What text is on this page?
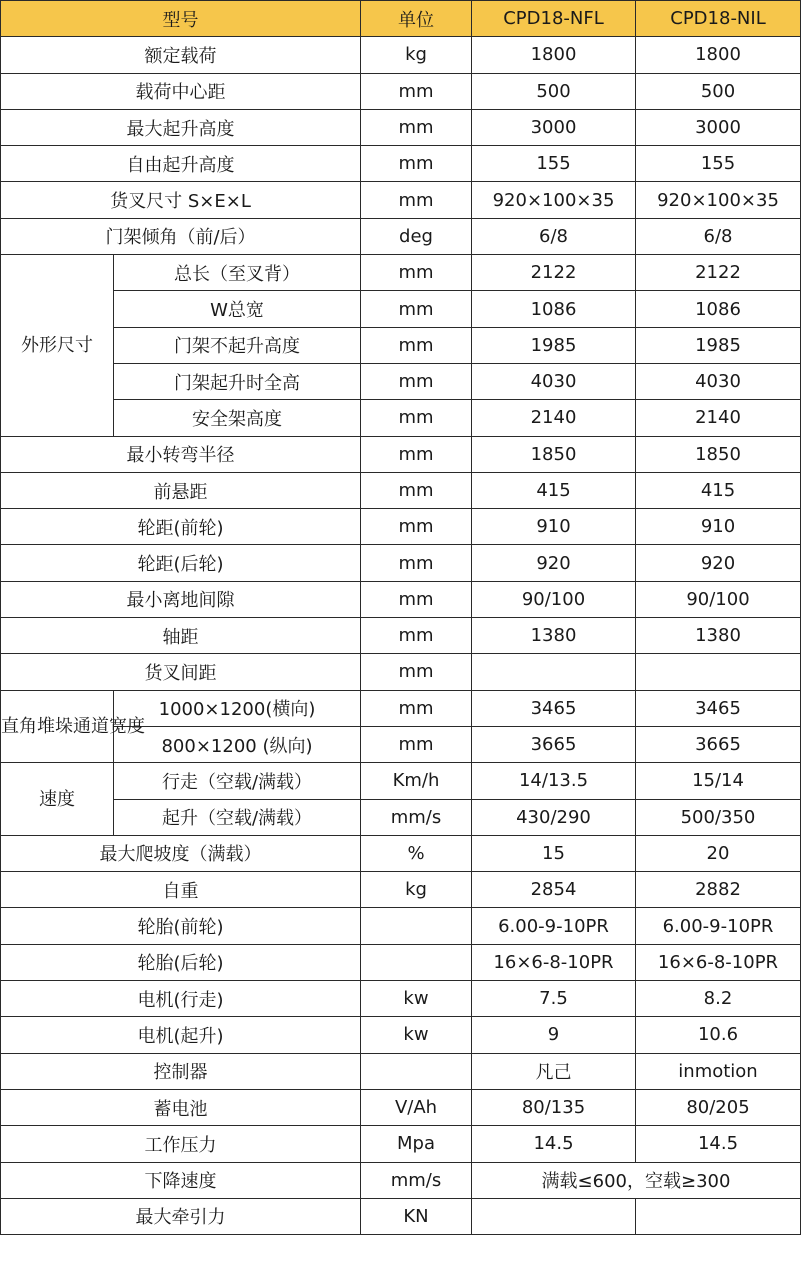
型号		单位	CPD18-NFL	CPD18-NIL
额定载荷		kg	1800	1800
载荷中心距		mm	500	500
最大起升高度		mm	3000	3000
自由起升高度		mm	155	155
货叉尺寸 S×E×L		mm	920×100×35	920×100×35
门架倾角（前/后）		deg	6/8	6/8
外形尺寸	总长（至叉背）	mm	2122	2122
	W总宽	mm	1086	1086
	门架不起升高度	mm	1985	1985
	门架起升时全高	mm	4030	4030
	安全架高度	mm	2140	2140
最小转弯半径		mm	1850	1850
前悬距		mm	415	415
轮距(前轮)		mm	910	910
轮距(后轮)		mm	920	920
最小离地间隙		mm	90/100	90/100
轴距		mm	1380	1380
货叉间距		mm		
直角堆垛通道宽度	1000×1200(横向)	mm	3465	3465
	800×1200 (纵向)	mm	3665	3665
速度	行走（空载/满载）	Km/h	14/13.5	15/14
	起升（空载/满载）	mm/s	430/290	500/350
最大爬坡度（满载）		%	15	20
自重		kg	2854	2882
轮胎(前轮)			6.00-9-10PR	6.00-9-10PR
轮胎(后轮)			16×6-8-10PR	16×6-8-10PR
电机(行走)		kw	7.5	8.2
电机(起升)		kw	9	10.6
控制器			凡己	inmotion
蓄电池		V/Ah	80/135	80/205
工作压力		Mpa	14.5	14.5
下降速度		mm/s	满载≤600，空载≥300	
最大牵引力		KN		
